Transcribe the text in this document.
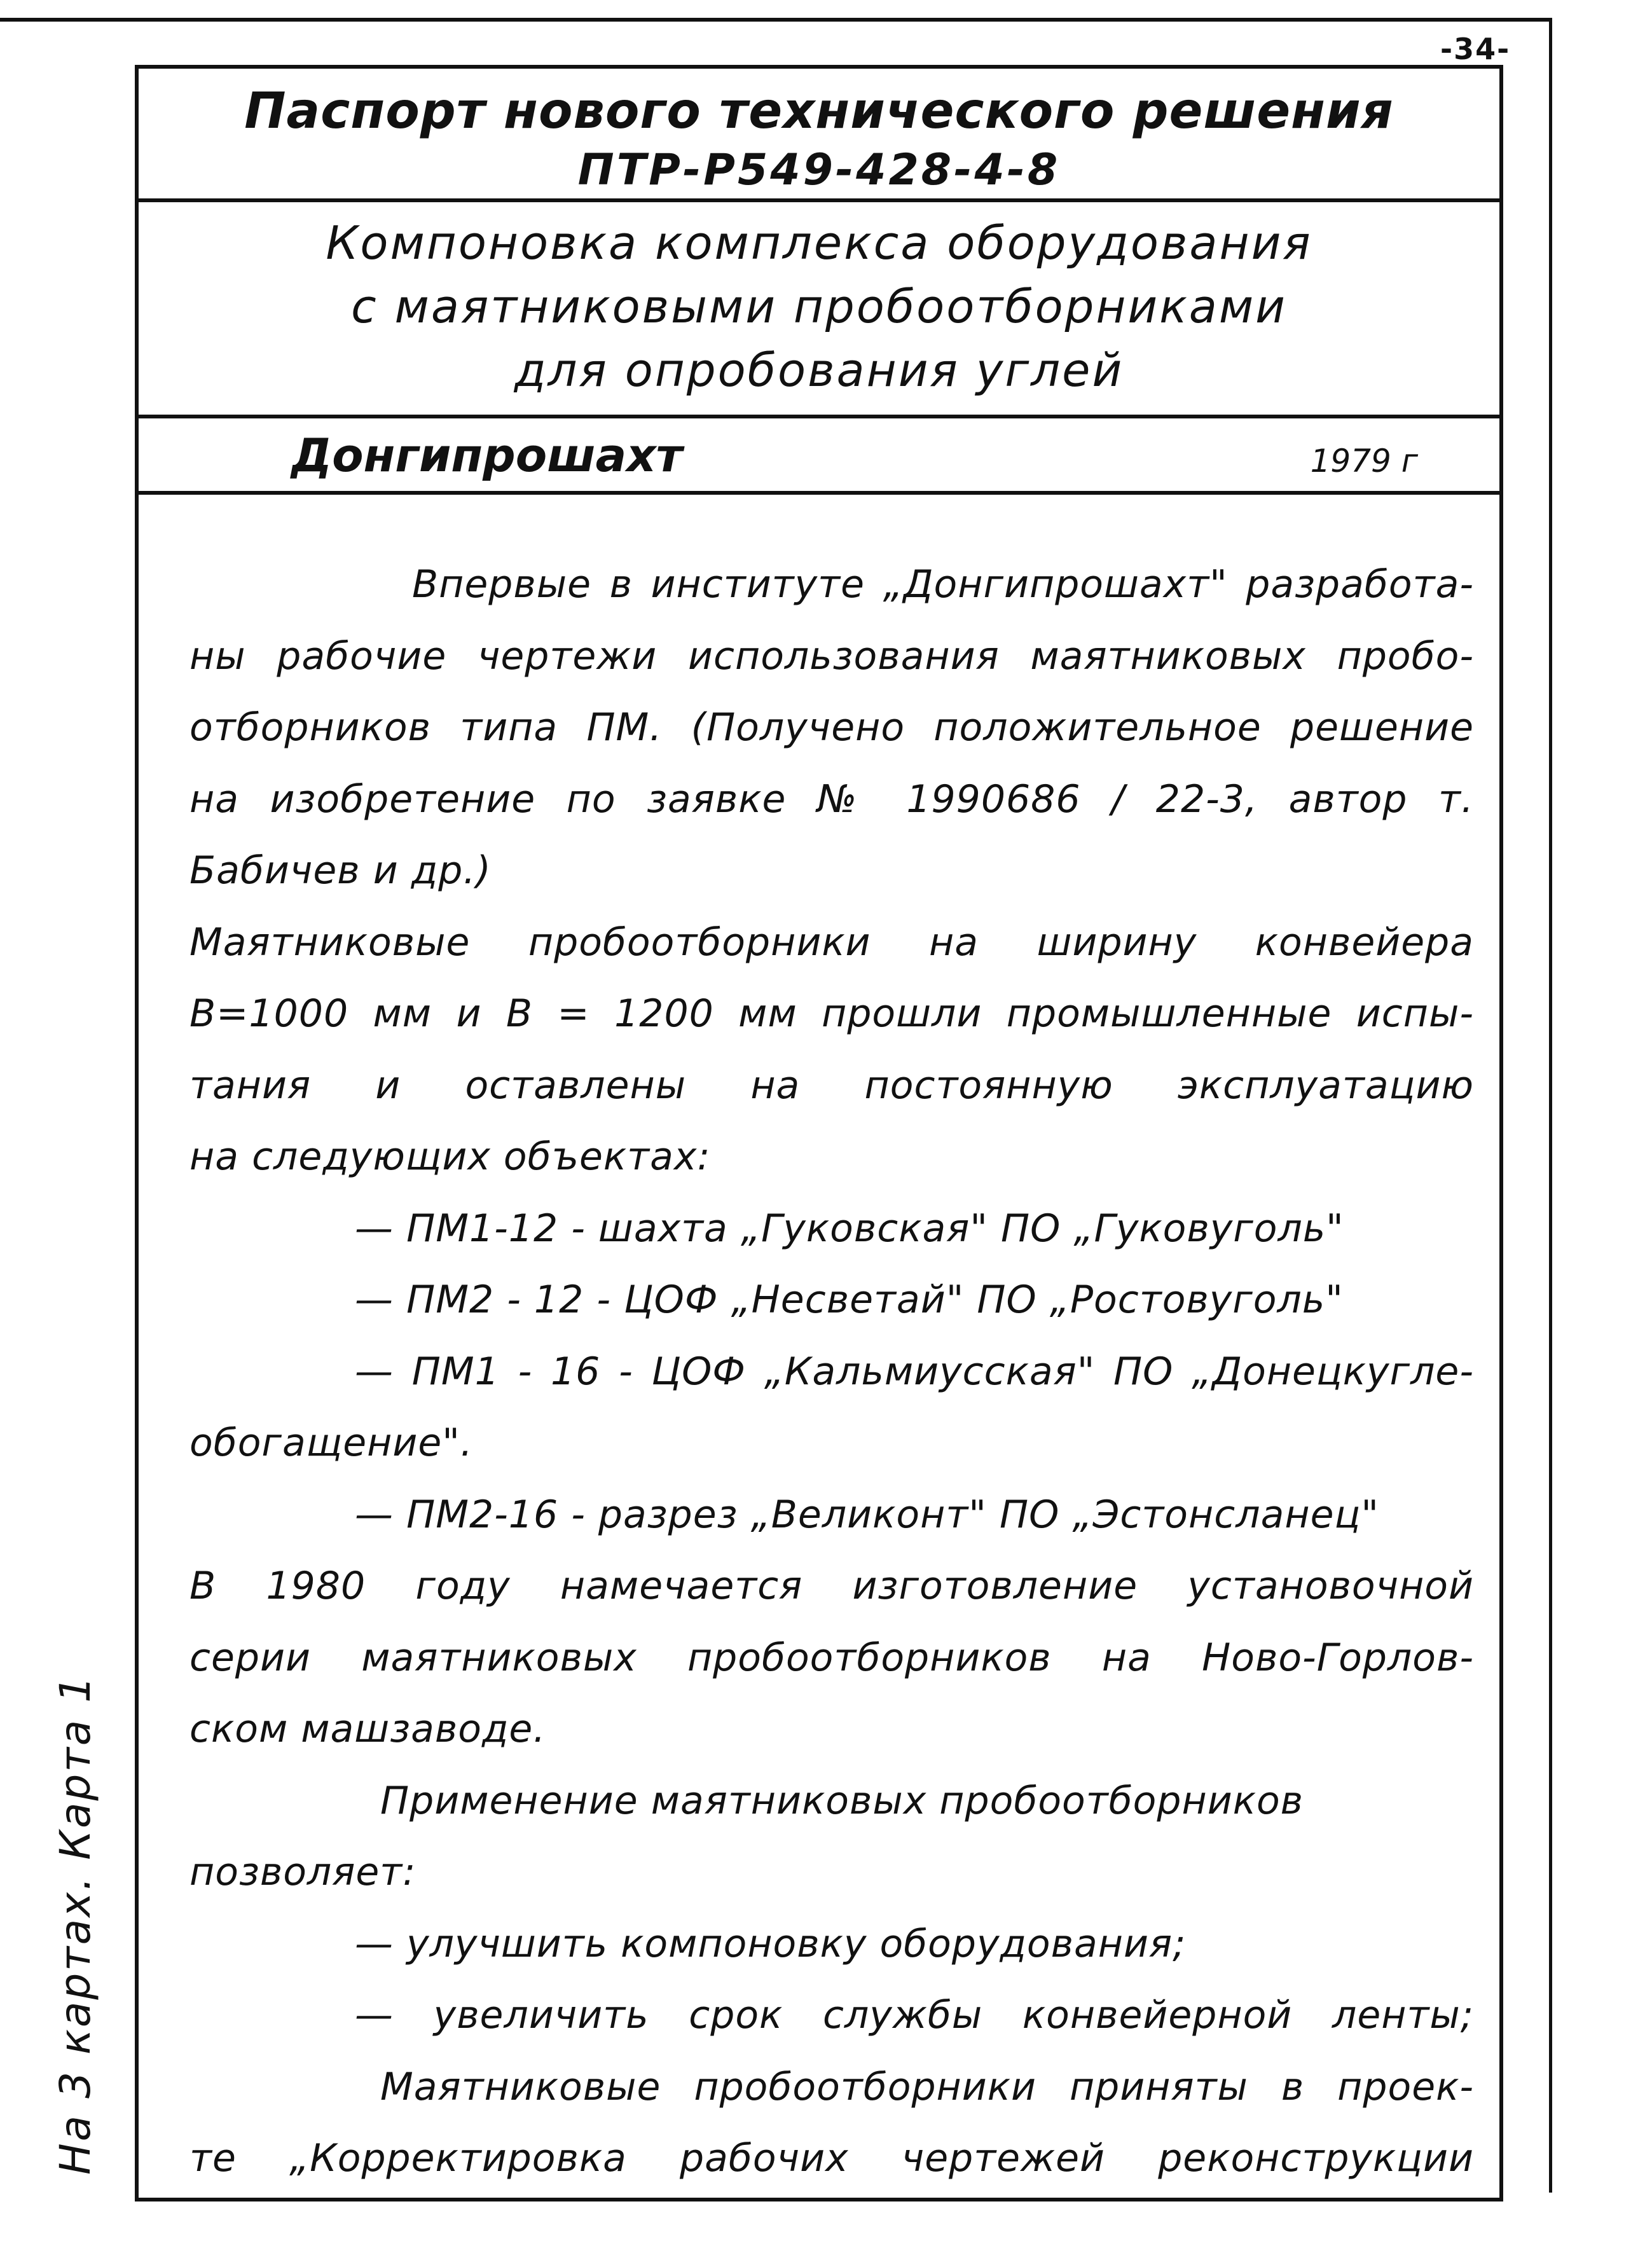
-34-
Паспорт нового технического решения
ПТР-Р549-428-4-8
Компоновка комплекса оборудования
с маятниковыми пробоотборниками
для опробования углей
Донгипрошахт	1979 г
Впервые в институте „Донгипрошахт" разработа-
ны рабочие чертежи использования маятниковых пробо-
отборников типа ПМ. (Получено положительное решение
на изобретение по заявке № 1990686 / 22-3, автор т.
Бабичев и др.)
Маятниковые пробоотборники на ширину конвейера
В=1000 мм и В = 1200 мм прошли промышленные испы-
тания и оставлены на постоянную эксплуатацию
на следующих объектах:
— ПМ1-12 - шахта „Гуковская" ПО „Гуковуголь"
— ПМ2 - 12 - ЦОФ „Несветай" ПО „Ростовуголь"
— ПМ1 - 16 - ЦОФ „Кальмиусская" ПО „Донецкугле-
обогащение".
— ПМ2-16 - разрез „Великонт" ПО „Эстонсланец"
В 1980 году намечается изготовление установочной
серии маятниковых пробоотборников на Ново-Горлов-
ском машзаводе.
Применение маятниковых пробоотборников
позволяет:
— улучшить компоновку оборудования;
— увеличить срок службы конвейерной ленты;
Маятниковые пробоотборники приняты в проек-
те „Корректировка рабочих чертежей реконструкции
На 3 картах. Карта 1
